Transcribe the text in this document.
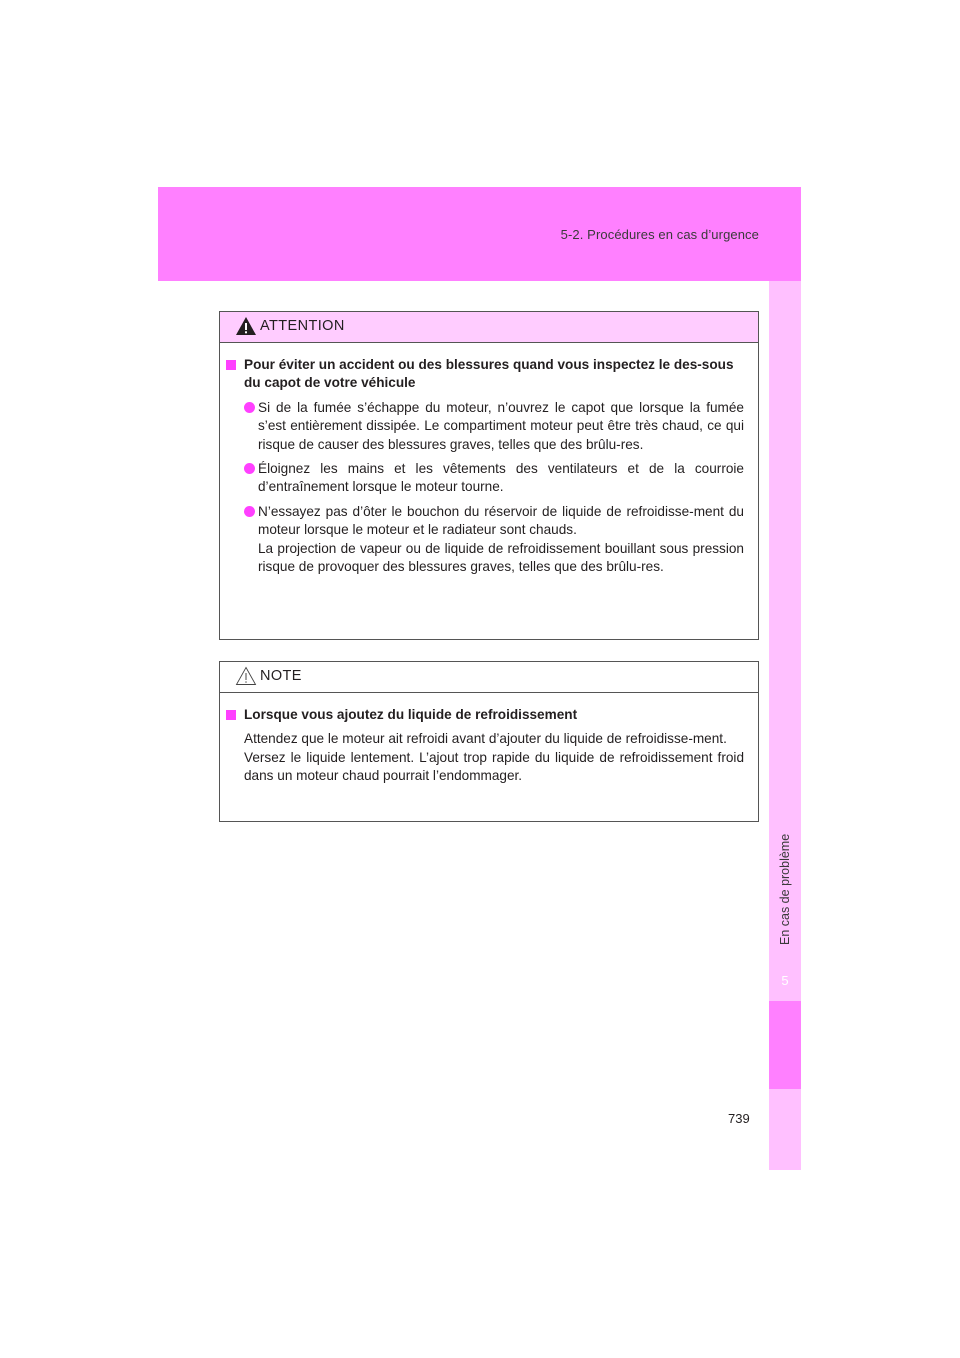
5-2. Procédures en cas d’urgence
5
En cas de problème
ATTENTION
Pour éviter un accident ou des blessures quand vous inspectez le des-sous du capot de votre véhicule
Si de la fumée s’échappe du moteur, n’ouvrez le capot que lorsque la fumée s’est entièrement dissipée. Le compartiment moteur peut être très chaud, ce qui risque de causer des blessures graves, telles que des brûlu-res.
Éloignez les mains et les vêtements des ventilateurs et de la courroie d’entraînement lorsque le moteur tourne.
N’essayez pas d’ôter le bouchon du réservoir de liquide de refroidisse-ment du moteur lorsque le moteur et le radiateur sont chauds.
La projection de vapeur ou de liquide de refroidissement bouillant sous pression risque de provoquer des blessures graves, telles que des brûlu-res.
NOTE
Lorsque vous ajoutez du liquide de refroidissement
Attendez que le moteur ait refroidi avant d’ajouter du liquide de refroidisse-ment.
Versez le liquide lentement. L’ajout trop rapide du liquide de refroidissement froid dans un moteur chaud pourrait l’endommager.
739
